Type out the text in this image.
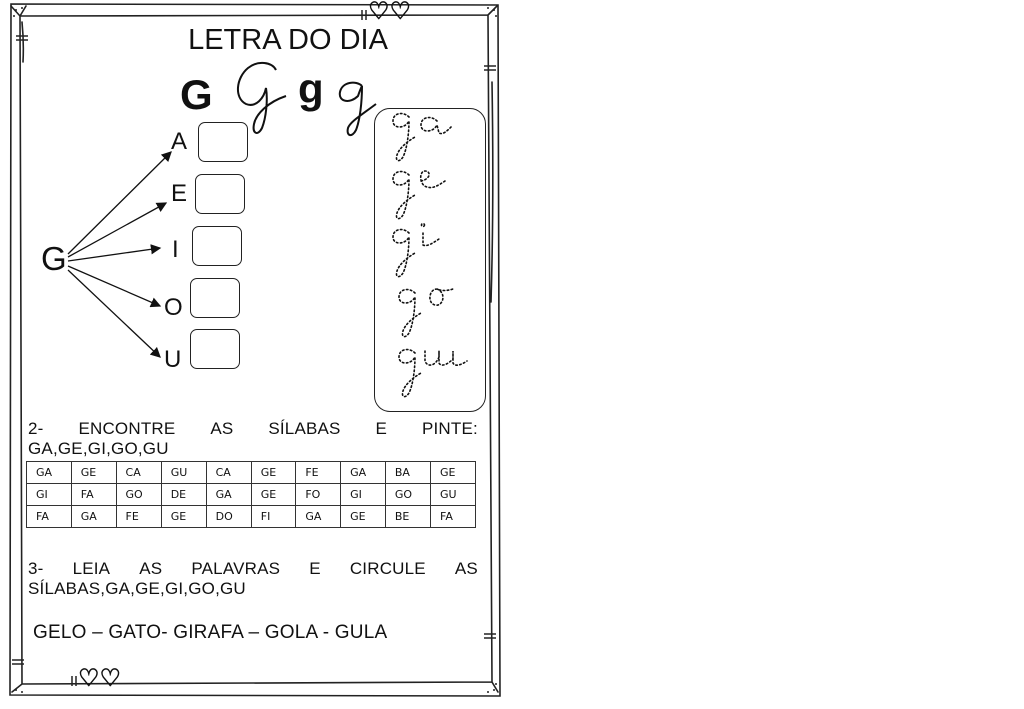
♡♡
♡♡
LETRA DO DIA
G g
G
A
E
I
O
U
2- ENCONTRE AS SÍLABAS E PINTE:
GA,GE,GI,GO,GU
GA	GE	CA	GU	CA	GE	FE	GA	BA	GE
GI	FA	GO	DE	GA	GE	FO	GI	GO	GU
FA	GA	FE	GE	DO	FI	GA	GE	BE	FA
3- LEIA AS PALAVRAS E CIRCULE AS
SÍLABAS,GA,GE,GI,GO,GU
GELO – GATO- GIRAFA – GOLA - GULA
